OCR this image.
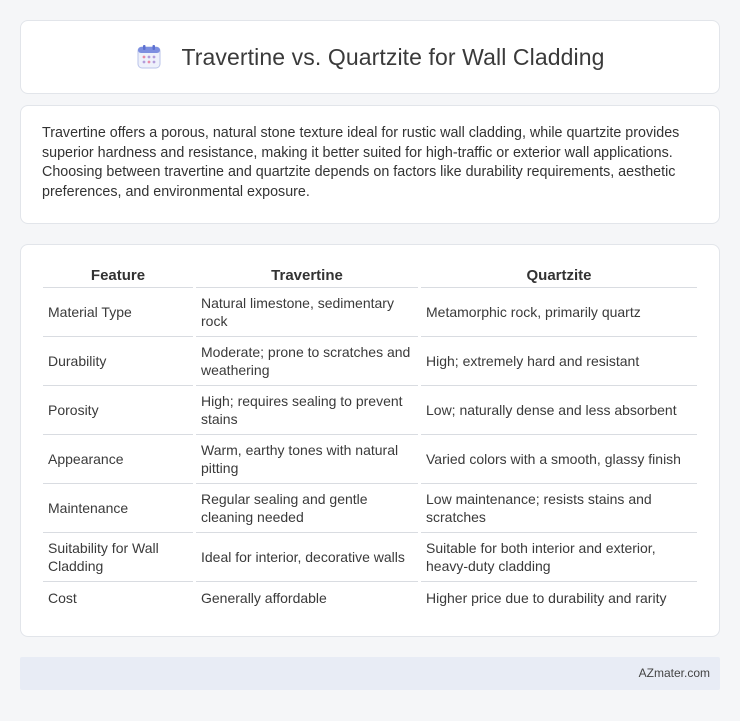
Travertine vs. Quartzite for Wall Cladding

Travertine offers a porous, natural stone texture ideal for rustic wall cladding, while quartzite provides superior hardness and resistance, making it better suited for high-traffic or exterior wall applications. Choosing between travertine and quartzite depends on factors like durability requirements, aesthetic preferences, and environmental exposure.

Feature	Travertine	Quartzite
Material Type	Natural limestone, sedimentary rock	Metamorphic rock, primarily quartz
Durability	Moderate; prone to scratches and weathering	High; extremely hard and resistant
Porosity	High; requires sealing to prevent stains	Low; naturally dense and less absorbent
Appearance	Warm, earthy tones with natural pitting	Varied colors with a smooth, glassy finish
Maintenance	Regular sealing and gentle cleaning needed	Low maintenance; resists stains and scratches
Suitability for Wall Cladding	Ideal for interior, decorative walls	Suitable for both interior and exterior, heavy-duty cladding
Cost	Generally affordable	Higher price due to durability and rarity
AZmater.com
